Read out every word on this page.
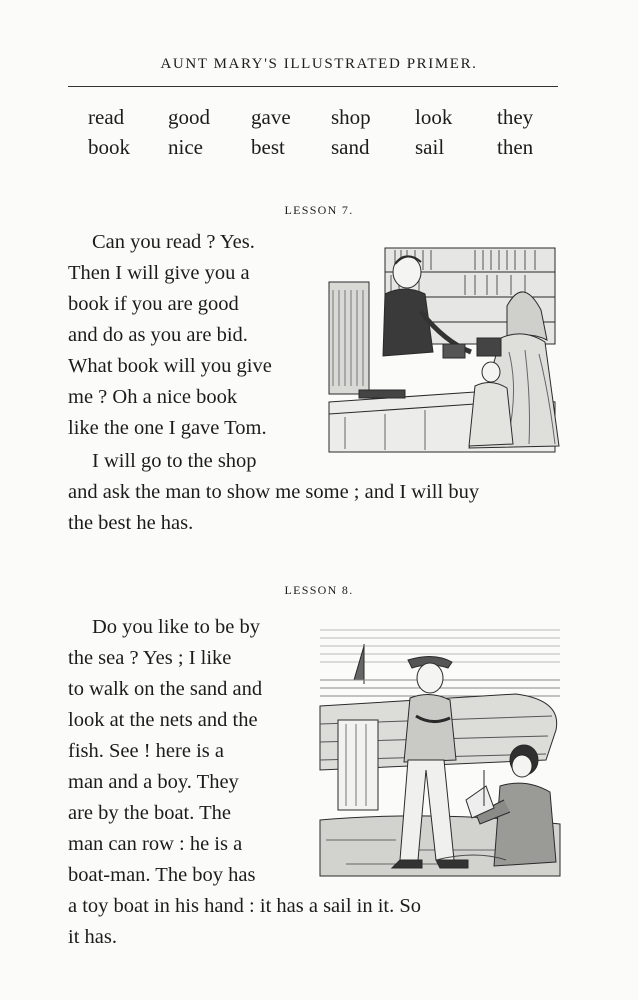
AUNT MARY'S ILLUSTRATED PRIMER.
read	good	gave	shop	look	they
book	nice	best	sand	sail	then
LESSON 7.
Can you read ? Yes.
Then I will give you a
book if you are good
and do as you are bid.
What book will you give
me ? Oh a nice book
like the one I gave Tom.
I will go to the shop
and ask the man to show me some ; and I will buy
the best he has.
LESSON 8.
Do you like to be by
the sea ? Yes ; I like
to walk on the sand and
look at the nets and the
fish. See ! here is a
man and a boy. They
are by the boat. The
man can row : he is a
boat-man. The boy has
a toy boat in his hand : it has a sail in it. So
it has.
